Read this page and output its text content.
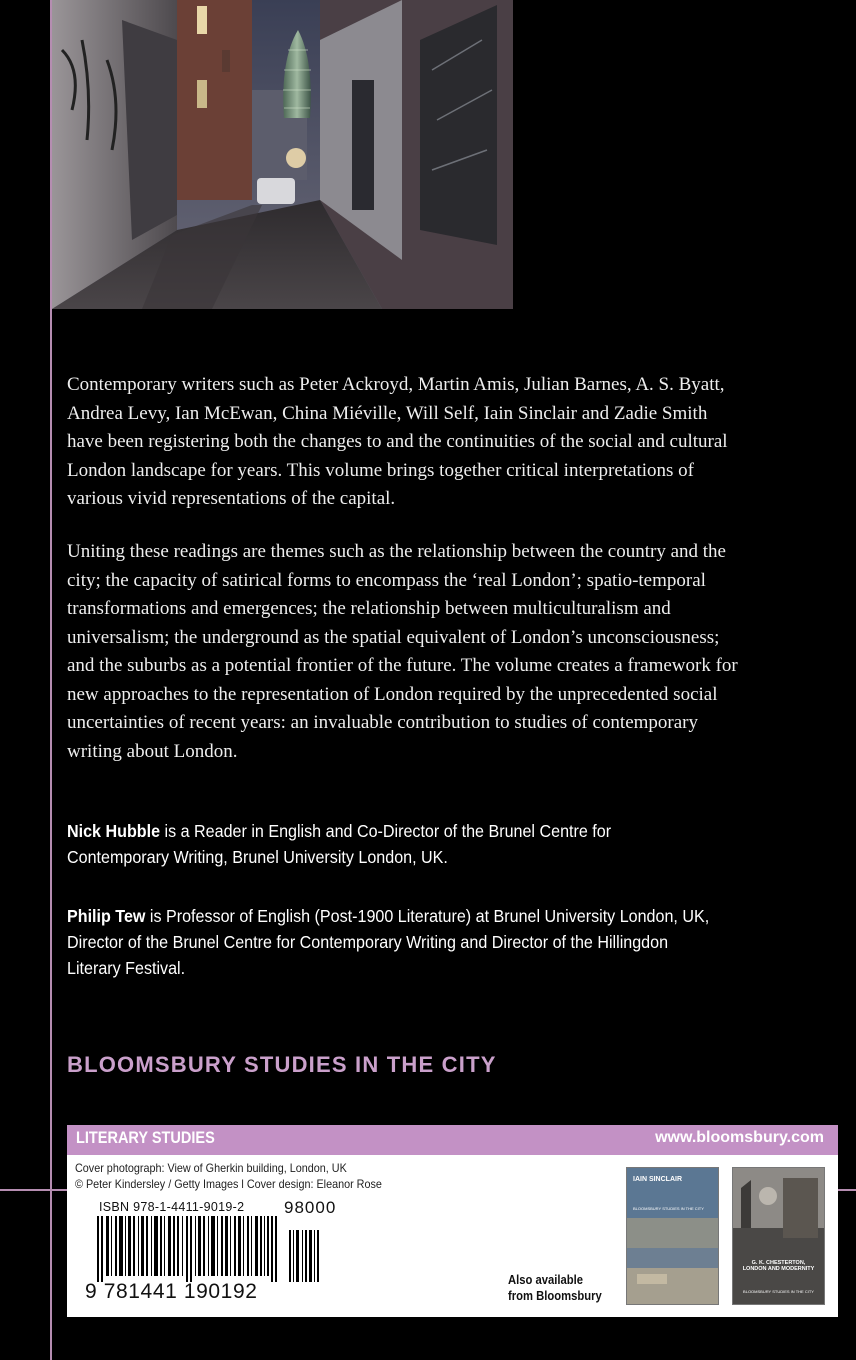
Contemporary writers such as Peter Ackroyd, Martin Amis, Julian Barnes, A. S. Byatt, Andrea Levy, Ian McEwan, China Miéville, Will Self, Iain Sinclair and Zadie Smith have been registering both the changes to and the continuities of the social and cultural London landscape for years. This volume brings together critical interpretations of various vivid representations of the capital.

Uniting these readings are themes such as the relationship between the country and the city; the capacity of satirical forms to encompass the ‘real London’; spatio-temporal transformations and emergences; the relationship between multiculturalism and universalism; the underground as the spatial equivalent of London’s unconsciousness; and the suburbs as a potential frontier of the future. The volume creates a framework for new approaches to the representation of London required by the unprecedented social uncertainties of recent years: an invaluable contribution to studies of contemporary writing about London.

Nick Hubble is a Reader in English and Co-Director of the Brunel Centre for Contemporary Writing, Brunel University London, UK.

Philip Tew is Professor of English (Post-1900 Literature) at Brunel University London, UK, Director of the Brunel Centre for Contemporary Writing and Director of the Hillingdon Literary Festival.

BLOOMSBURY STUDIES IN THE CITY
LITERARY STUDIES	www.bloomsbury.com
Cover photograph: View of Gherkin building, London, UK
© Peter Kindersley / Getty Images l Cover design: Eleanor Rose
ISBN 978-1-4411-9019-2 98000
9 781441 190192	Also available
from Bloomsbury
IAIN SINCLAIR
BLOOMSBURY STUDIES IN THE CITY
G. K. CHESTERTON, LONDON AND MODERNITY
BLOOMSBURY STUDIES IN THE CITY
